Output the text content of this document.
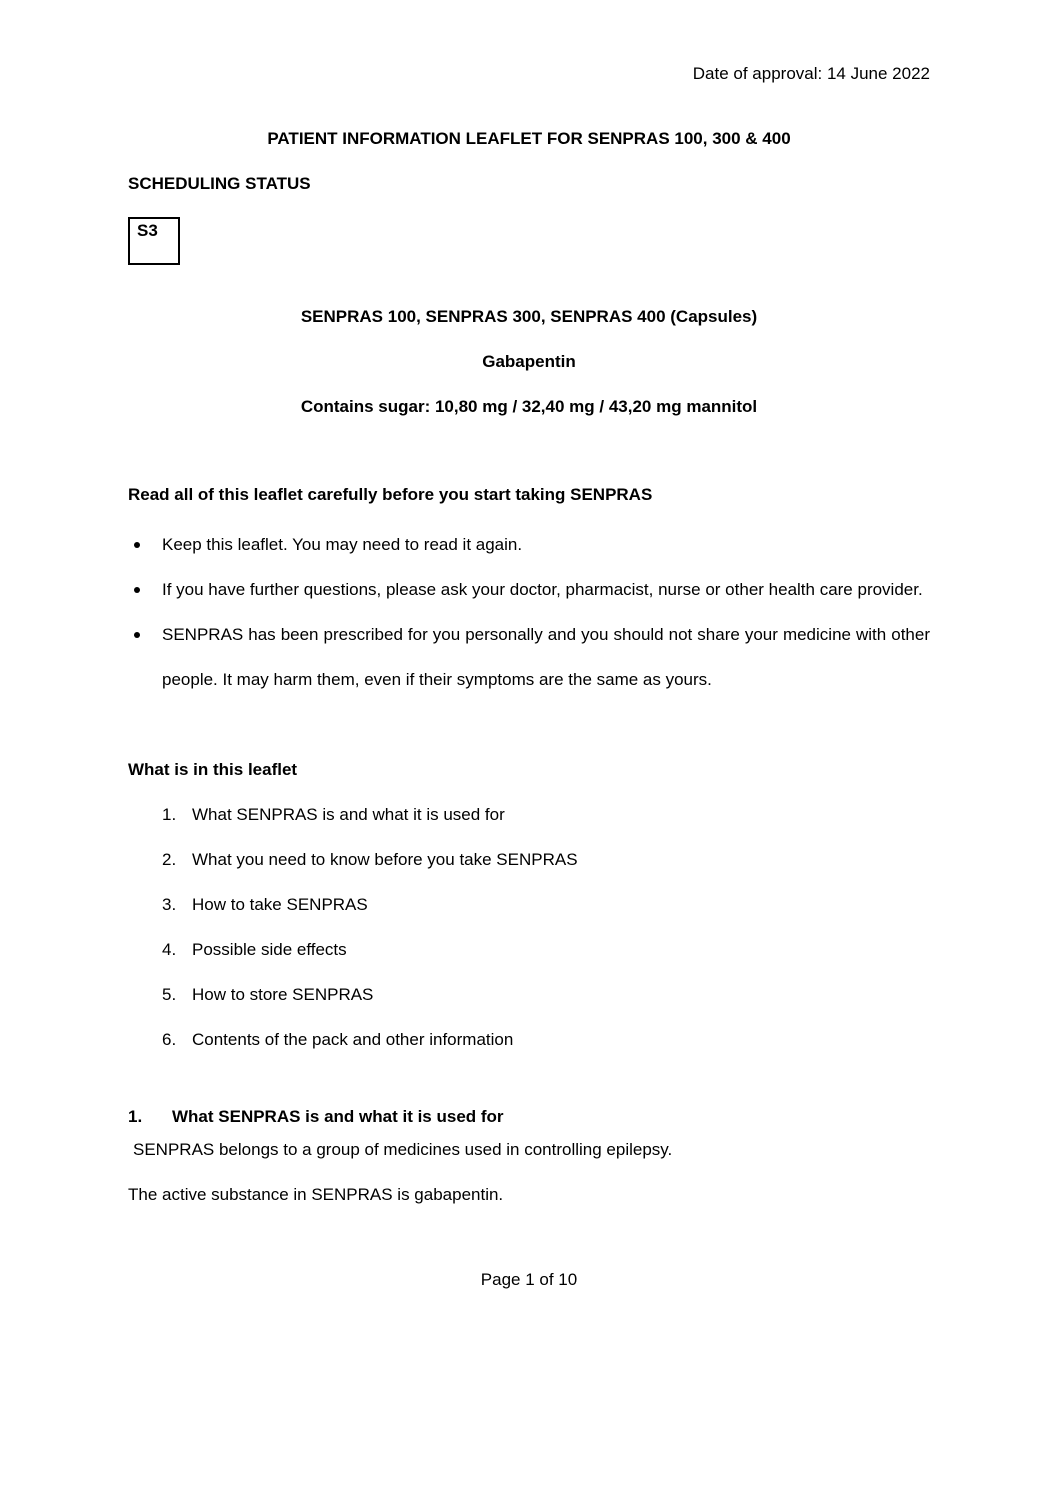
Date of approval: 14 June 2022

PATIENT INFORMATION LEAFLET FOR SENPRAS 100, 300 & 400

SCHEDULING STATUS

S3

SENPRAS 100, SENPRAS 300, SENPRAS 400 (Capsules)

Gabapentin

Contains sugar: 10,80 mg / 32,40 mg / 43,20 mg mannitol

Read all of this leaflet carefully before you start taking SENPRAS

Keep this leaflet. You may need to read it again.

If you have further questions, please ask your doctor, pharmacist, nurse or other health care provider.

SENPRAS has been prescribed for you personally and you should not share your medicine with other people. It may harm them, even if their symptoms are the same as yours.

What is in this leaflet

1. What SENPRAS is and what it is used for
2. What you need to know before you take SENPRAS
3. How to take SENPRAS
4. Possible side effects
5. How to store SENPRAS
6. Contents of the pack and other information
1.	What SENPRAS is and what it is used for

SENPRAS belongs to a group of medicines used in controlling epilepsy.

The active substance in SENPRAS is gabapentin.

Page 1 of 10
